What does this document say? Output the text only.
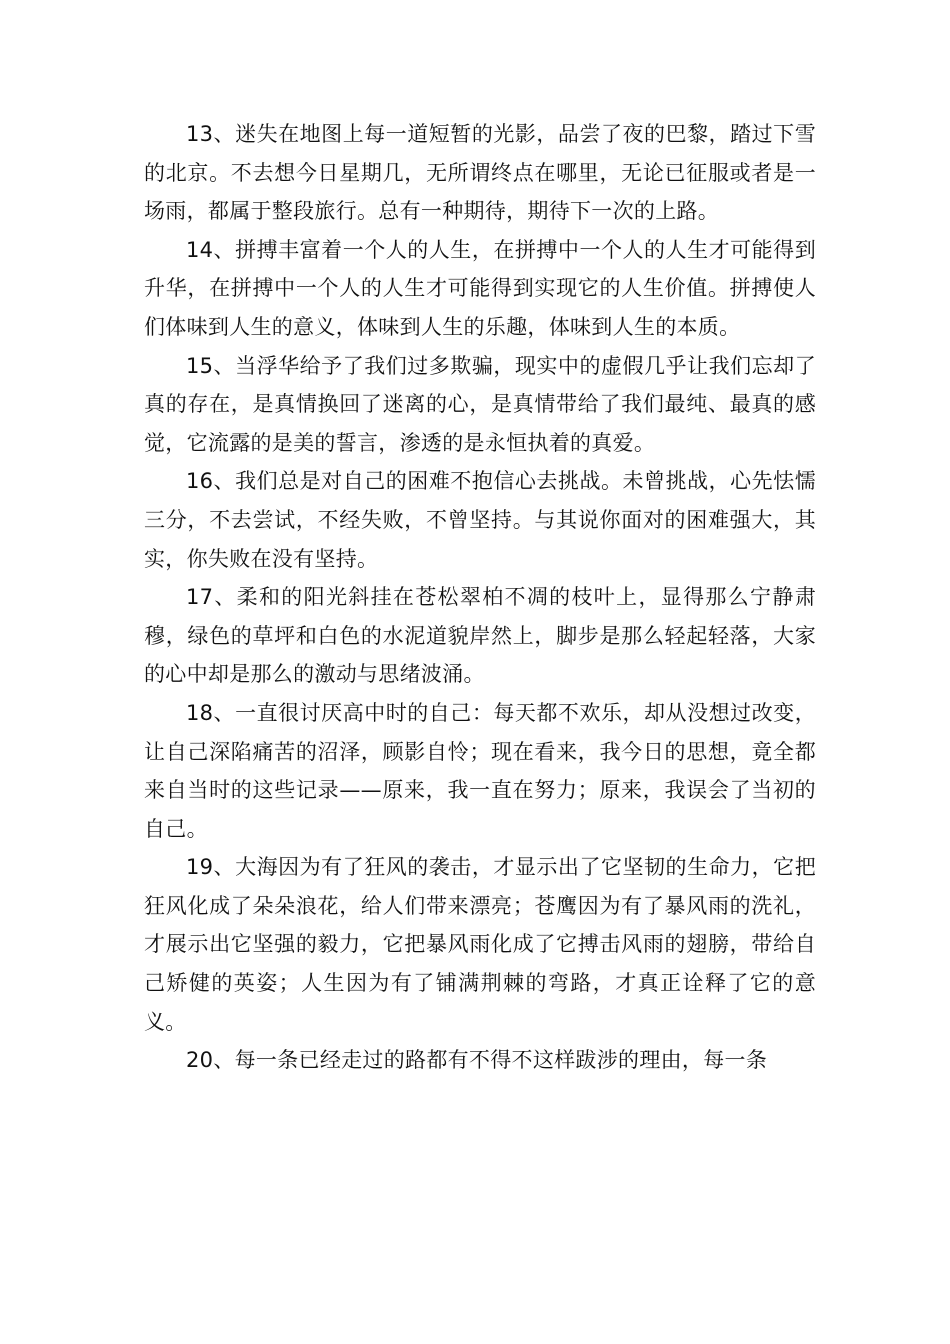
13、迷失在地图上每一道短暂的光影，品尝了夜的巴黎，踏过下雪的北京。不去想今日星期几，无所谓终点在哪里，无论已征服或者是一场雨，都属于整段旅行。总有一种期待，期待下一次的上路。

14、拼搏丰富着一个人的人生，在拼搏中一个人的人生才可能得到升华，在拼搏中一个人的人生才可能得到实现它的人生价值。拼搏使人们体味到人生的意义，体味到人生的乐趣，体味到人生的本质。

15、当浮华给予了我们过多欺骗，现实中的虚假几乎让我们忘却了真的存在，是真情换回了迷离的心，是真情带给了我们最纯、最真的感觉，它流露的是美的誓言，渗透的是永恒执着的真爱。

16、我们总是对自己的困难不抱信心去挑战。未曾挑战，心先怯懦三分，不去尝试，不经失败，不曾坚持。与其说你面对的困难强大，其实，你失败在没有坚持。

17、柔和的阳光斜挂在苍松翠柏不凋的枝叶上，显得那么宁静肃穆，绿色的草坪和白色的水泥道貌岸然上，脚步是那么轻起轻落，大家的心中却是那么的激动与思绪波涌。

18、一直很讨厌高中时的自己：每天都不欢乐，却从没想过改变，让自己深陷痛苦的沼泽，顾影自怜；现在看来，我今日的思想，竟全都来自当时的这些记录——原来，我一直在努力；原来，我误会了当初的自己。

19、大海因为有了狂风的袭击，才显示出了它坚韧的生命力，它把狂风化成了朵朵浪花，给人们带来漂亮；苍鹰因为有了暴风雨的洗礼，才展示出它坚强的毅力，它把暴风雨化成了它搏击风雨的翅膀，带给自己矫健的英姿；人生因为有了铺满荆棘的弯路，才真正诠释了它的意义。

20、每一条已经走过的路都有不得不这样跋涉的理由，每一条
